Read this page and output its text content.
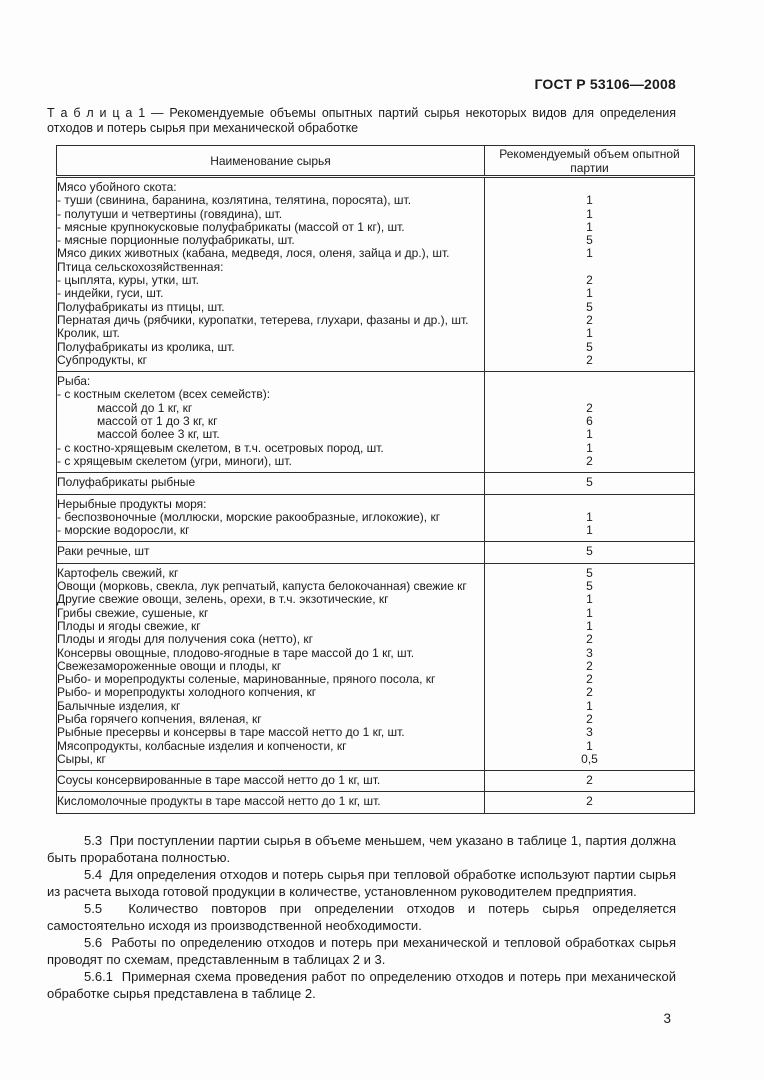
ГОСТ Р 53106—2008
Т а б л и ц а 1 — Рекомендуемые объемы опытных партий сырья некоторых видов для определения отходов и потерь сырья при механической обработке
Наименование сырья	Рекомендуемый объем опытной партии
Мясо убойного скота:	
- туши (свинина, баранина, козлятина, телятина, поросята), шт.	1
- полутуши и четвертины (говядина), шт.	1
- мясные крупнокусковые полуфабрикаты (массой от 1 кг), шт.	1
- мясные порционные полуфабрикаты, шт.	5
Мясо диких животных (кабана, медведя, лося, оленя, зайца и др.), шт.	1
Птица сельскохозяйственная:	
- цыплята, куры, утки, шт.	2
- индейки, гуси, шт.	1
Полуфабрикаты из птицы, шт.	5
Пернатая дичь (рябчики, куропатки, тетерева, глухари, фазаны и др.), шт.	2
Кролик, шт.	1
Полуфабрикаты из кролика, шт.	5
Субпродукты, кг	2
Рыба:	
- с костным скелетом (всех семейств):	
массой до 1 кг, кг	2
массой от 1 до 3 кг, кг	6
массой более 3 кг, шт.	1
- с костно-хрящевым скелетом, в т.ч. осетровых пород, шт.	1
- с хрящевым скелетом (угри, миноги), шт.	2
Полуфабрикаты рыбные	5
Нерыбные продукты моря:	
- беспозвоночные (моллюски, морские ракообразные, иглокожие), кг	1
- морские водоросли, кг	1
Раки речные, шт	5
Картофель свежий, кг	5
Овощи (морковь, свекла, лук репчатый, капуста белокочанная) свежие кг	5
Другие свежие овощи, зелень, орехи, в т.ч. экзотические, кг	1
Грибы свежие, сушеные, кг	1
Плоды и ягоды свежие, кг	1
Плоды и ягоды для получения сока (нетто), кг	2
Консервы овощные, плодово-ягодные в таре массой до 1 кг, шт.	3
Свежезамороженные овощи и плоды, кг	2
Рыбо- и морепродукты соленые, маринованные, пряного посола, кг	2
Рыбо- и морепродукты холодного копчения, кг	2
Балычные изделия, кг	1
Рыба горячего копчения, вяленая, кг	2
Рыбные пресервы и консервы в таре массой нетто до 1 кг, шт.	3
Мясопродукты, колбасные изделия и копчености, кг	1
Сыры, кг	0,5
Соусы консервированные в таре массой нетто до 1 кг, шт.	2
Кисломолочные продукты в таре массой нетто до 1 кг, шт.	2

5.3  При поступлении партии сырья в объеме меньшем, чем указано в таблице 1, партия должна быть проработана полностью.

5.4  Для определения отходов и потерь сырья при тепловой обработке используют партии сырья из расчета выхода готовой продукции в количестве, установленном руководителем предприятия.

5.5  Количество повторов при определении отходов и потерь сырья определяется самостоятельно исходя из производственной необходимости.

5.6  Работы по определению отходов и потерь при механической и тепловой обработках сырья проводят по схемам, представленным в таблицах 2 и 3.

5.6.1  Примерная схема проведения работ по определению отходов и потерь при механической обработке сырья представлена в таблице 2.

3
